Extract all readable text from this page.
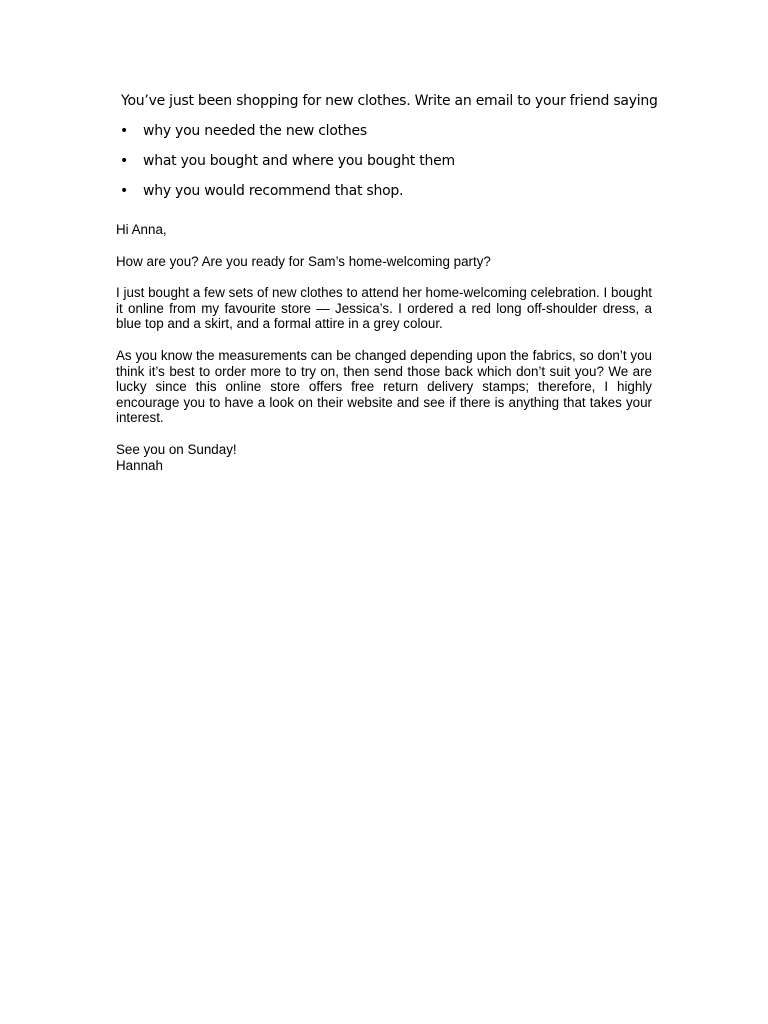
You’ve just been shopping for new clothes. Write an email to your friend saying

• why you needed the new clothes
• what you bought and where you bought them
• why you would recommend that shop.

Hi Anna,

How are you? Are you ready for Sam’s home-welcoming party?

I just bought a few sets of new clothes to attend her home-welcoming celebration. I bought it online from my favourite store — Jessica’s. I ordered a red long off-shoulder dress, a blue top and a skirt, and a formal attire in a grey colour.

As you know the measurements can be changed depending upon the fabrics, so don’t you think it’s best to order more to try on, then send those back which don’t suit you? We are lucky since this online store offers free return delivery stamps; therefore, I highly encourage you to have a look on their website and see if there is anything that takes your interest.

See you on Sunday!

Hannah
